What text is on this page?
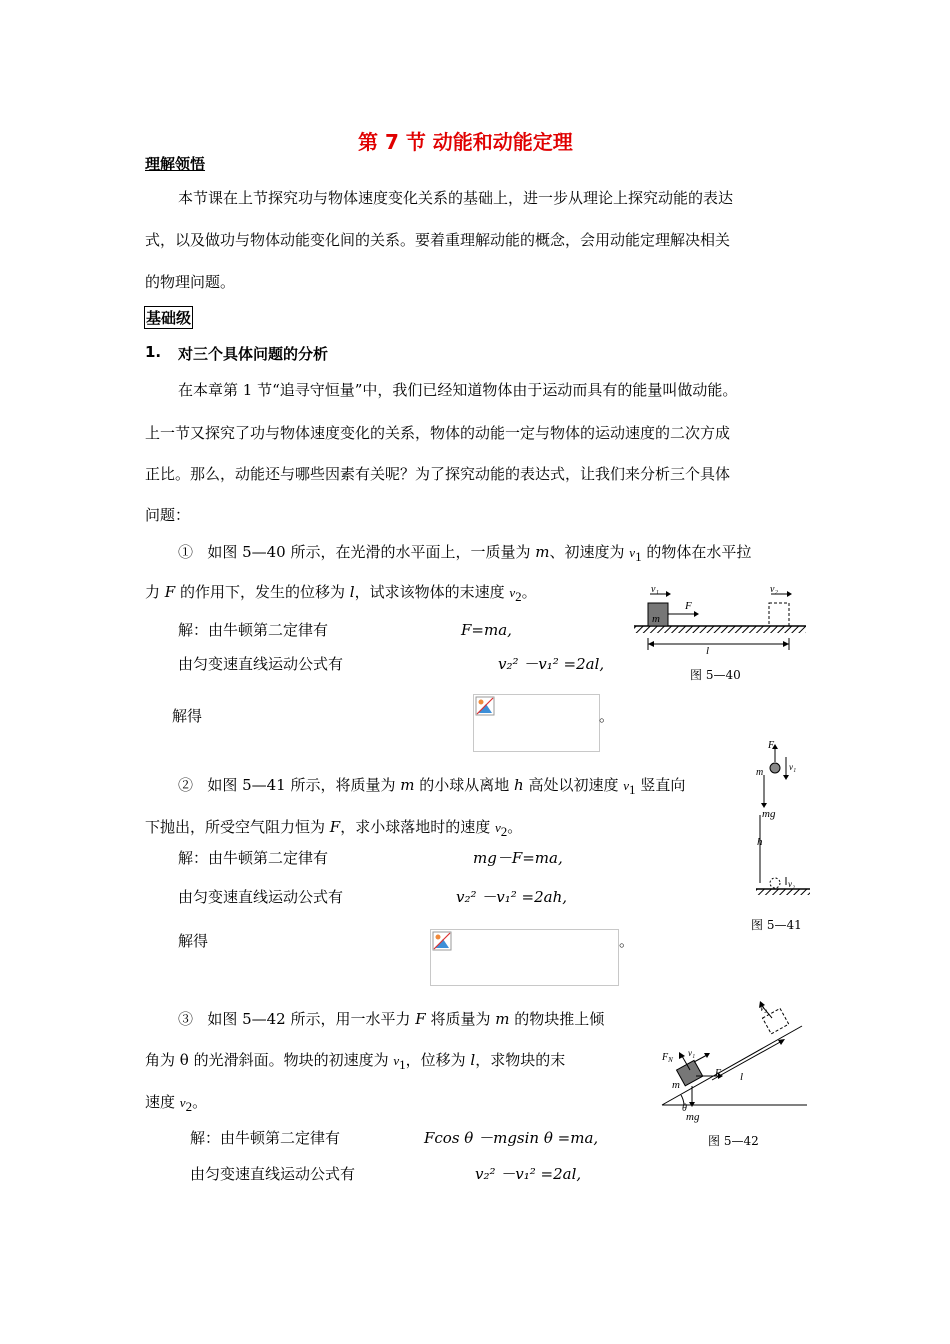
第 7 节 动能和动能定理
理解领悟
本节课在上节探究功与物体速度变化关系的基础上，进一步从理论上探究动能的表达
式，以及做功与物体动能变化间的关系。要着重理解动能的概念，会用动能定理解决相关
的物理问题。
基础级
1. 对三个具体问题的分析
在本章第 1 节“追寻守恒量”中，我们已经知道物体由于运动而具有的能量叫做动能。
上一节又探究了功与物体速度变化的关系，物体的动能一定与物体的运动速度的二次方成
正比。那么，动能还与哪些因素有关呢？为了探究动能的表达式，让我们来分析三个具体
问题：
① 如图 5—40 所示，在光滑的水平面上，一质量为 m、初速度为 $v_1$ 的物体在水平拉
力 F 的作用下，发生的位移为 l，试求该物体的末速度 $v_2$。
解：由牛顿第二定律有	F=ma,
由匀变速直线运动公式有	v₂² －v₁² =2al,
解得	。
v₁	v₂
F
m
l
图 5—40
② 如图 5—41 所示，将质量为 m 的小球从离地 h 高处以初速度 $v_1$ 竖直向
下抛出，所受空气阻力恒为 F，求小球落地时的速度 $v_2$。
解：由牛顿第二定律有	mg－F=ma,
由匀变速直线运动公式有	v₂² －v₁² =2ah,
解得	。
F
v₁
m
mg
h
v₂
图 5—41
③ 如图 5—42 所示，用一水平力 F 将质量为 m 的物块推上倾
角为 θ 的光滑斜面。物块的初速度为 $v_1$，位移为 l，求物块的末
速度 $v_2$。
解：由牛顿第二定律有	Fcos θ －mgsin θ =ma,
由匀变速直线运动公式有	v₂² －v₁² =2al,
v₂
$F_N$
v₁
F l
m
θ
mg
图 5—42
